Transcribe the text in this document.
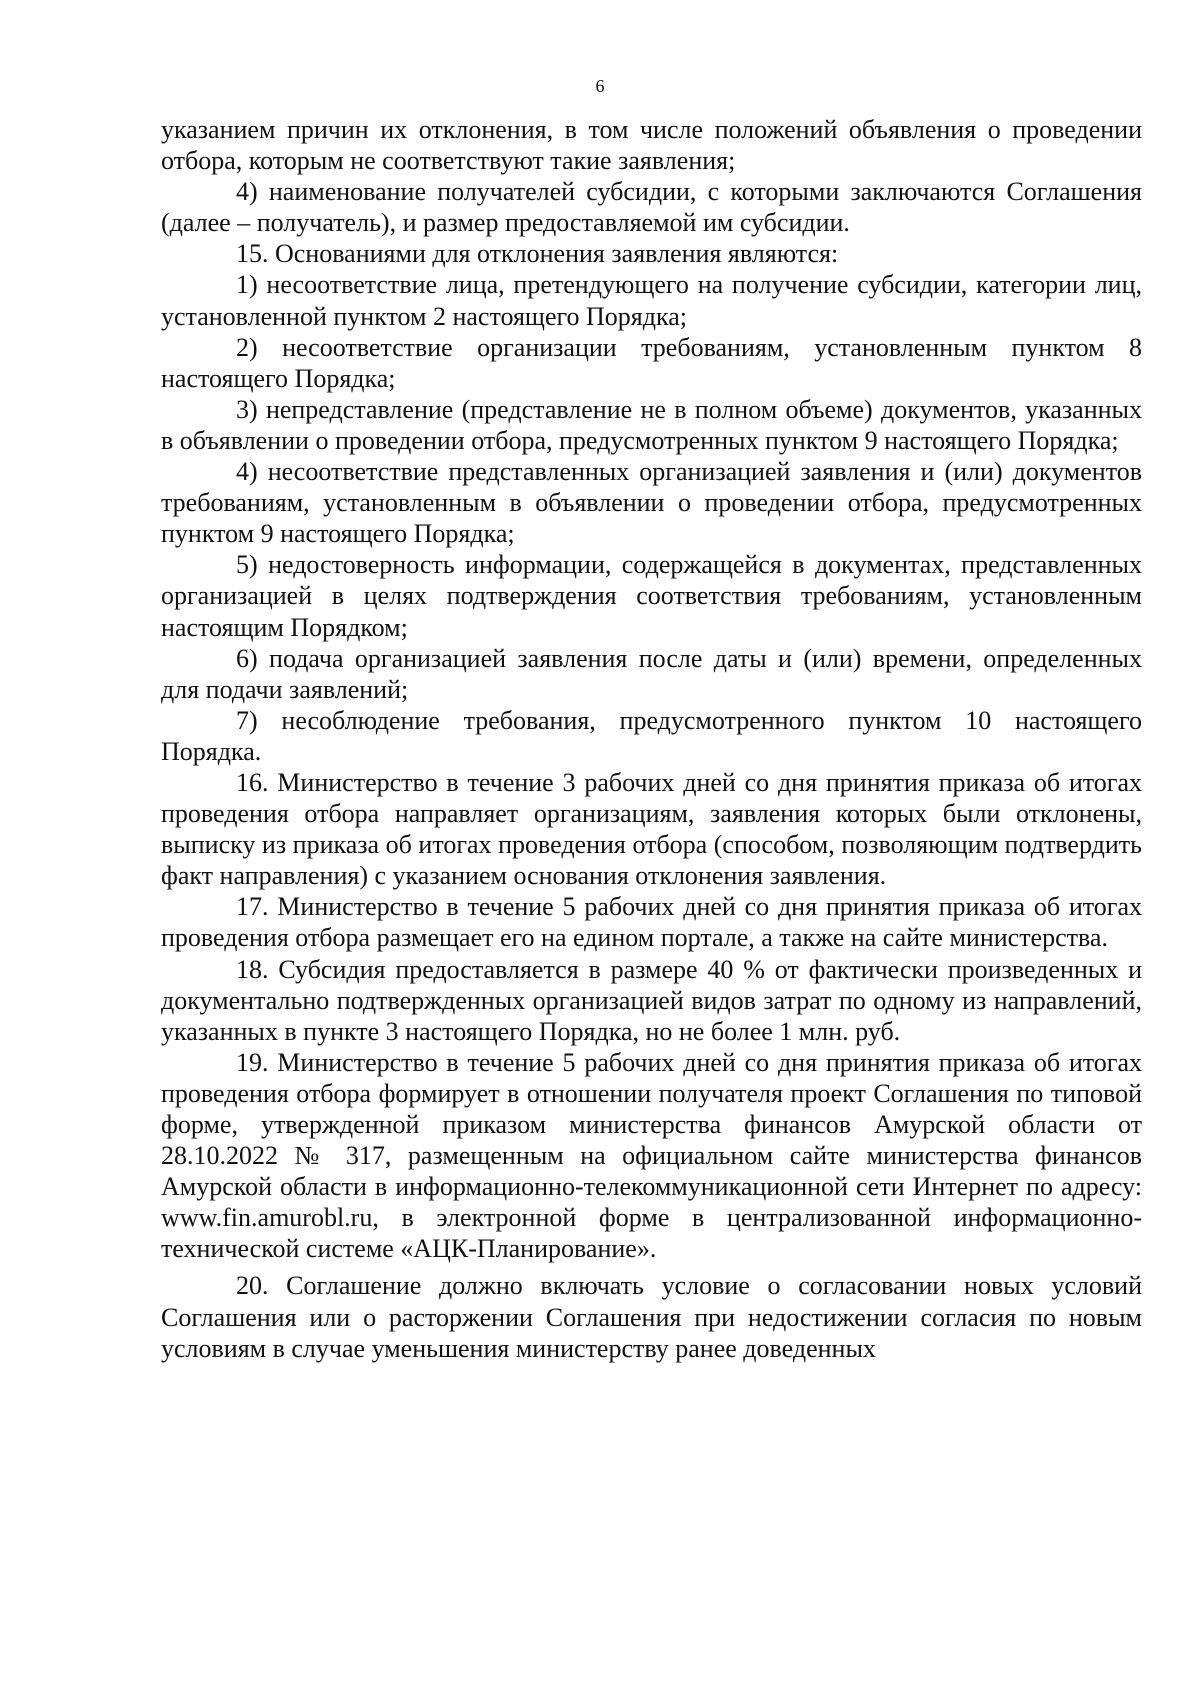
6

указанием причин их отклонения, в том числе положений объявления о проведении отбора, которым не соответствуют такие заявления;

4) наименование получателей субсидии, с которыми заключаются Соглашения (далее – получатель), и размер предоставляемой им субсидии.

15. Основаниями для отклонения заявления являются:

1) несоответствие лица, претендующего на получение субсидии, категории лиц, установленной пунктом 2 настоящего Порядка;

2) несоответствие организации требованиям, установленным пунктом 8 настоящего Порядка;

3) непредставление (представление не в полном объеме) документов, указанных в объявлении о проведении отбора, предусмотренных пунктом 9 настоящего Порядка;

4) несоответствие представленных организацией заявления и (или) документов требованиям, установленным в объявлении о проведении отбора, предусмотренных пунктом 9 настоящего Порядка;

5) недостоверность информации, содержащейся в документах, представленных организацией в целях подтверждения соответствия требованиям, установленным настоящим Порядком;

6) подача организацией заявления после даты и (или) времени, определенных для подачи заявлений;

7) несоблюдение требования, предусмотренного пунктом 10 настоящего Порядка.

16. Министерство в течение 3 рабочих дней со дня принятия приказа об итогах проведения отбора направляет организациям, заявления которых были отклонены, выписку из приказа об итогах проведения отбора (способом, позволяющим подтвердить факт направления) с указанием основания отклонения заявления.

17. Министерство в течение 5 рабочих дней со дня принятия приказа об итогах проведения отбора размещает его на едином портале, а также на сайте министерства.

18. Субсидия предоставляется в размере 40 % от фактически произведенных и документально подтвержденных организацией видов затрат по одному из направлений, указанных в пункте 3 настоящего Порядка, но не более 1 млн. руб.

19. Министерство в течение 5 рабочих дней со дня принятия приказа об итогах проведения отбора формирует в отношении получателя проект Соглашения по типовой форме, утвержденной приказом министерства финансов Амурской области от 28.10.2022 № 317, размещенным на официальном сайте министерства финансов Амурской области в информационно-телекоммуникационной сети Интернет по адресу: www.fin.amurobl.ru, в электронной форме в централизованной информационно-технической системе «АЦК-Планирование».

20. Соглашение должно включать условие о согласовании новых условий Соглашения или о расторжении Соглашения при недостижении согласия по новым условиям в случае уменьшения министерству ранее доведенных
